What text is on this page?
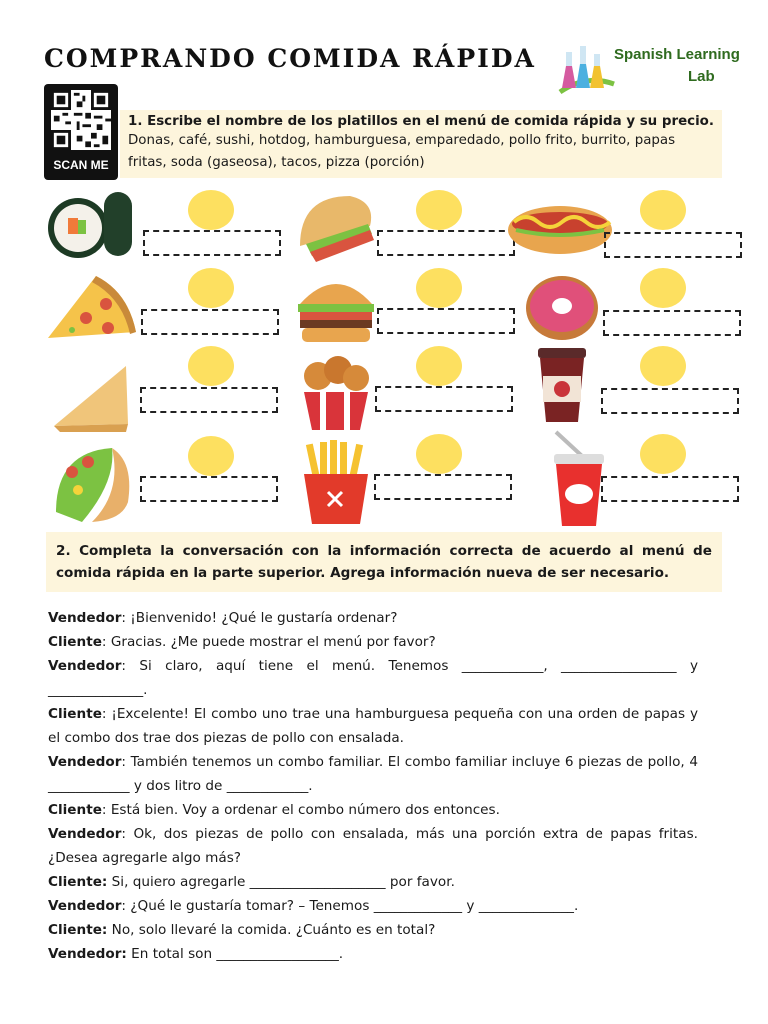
COMPRANDO COMIDA RÁPIDA	Spanish Learning
Lab
SCAN ME

1. Escribe el nombre de los platillos en el menú de comida rápida y su precio.

Donas, café, sushi, hotdog, hamburguesa, emparedado, pollo frito, burrito, papas fritas, soda (gaseosa), tacos, pizza (porción)

2. Completa la conversación con la información correcta de acuerdo al menú de comida rápida en la parte superior. Agrega información nueva de ser necesario.

Vendedor: ¡Bienvenido! ¿Qué le gustaría ordenar?

Cliente: Gracias. ¿Me puede mostrar el menú por favor?

Vendedor: Si claro, aquí tiene el menú. Tenemos ____________, _________________ y ______________.

Cliente: ¡Excelente! El combo uno trae una hamburguesa pequeña con una orden de papas y el combo dos trae dos piezas de pollo con ensalada.

Vendedor: También tenemos un combo familiar. El combo familiar incluye 6 piezas de pollo, 4 ____________ y dos litro de ____________.

Cliente: Está bien. Voy a ordenar el combo número dos entonces.

Vendedor: Ok, dos piezas de pollo con ensalada, más una porción extra de papas fritas. ¿Desea agregarle algo más?

Cliente: Si, quiero agregarle ____________________ por favor.

Vendedor: ¿Qué le gustaría tomar? – Tenemos _____________ y ______________.

Cliente: No, solo llevaré la comida. ¿Cuánto es en total?

Vendedor: En total son __________________.
